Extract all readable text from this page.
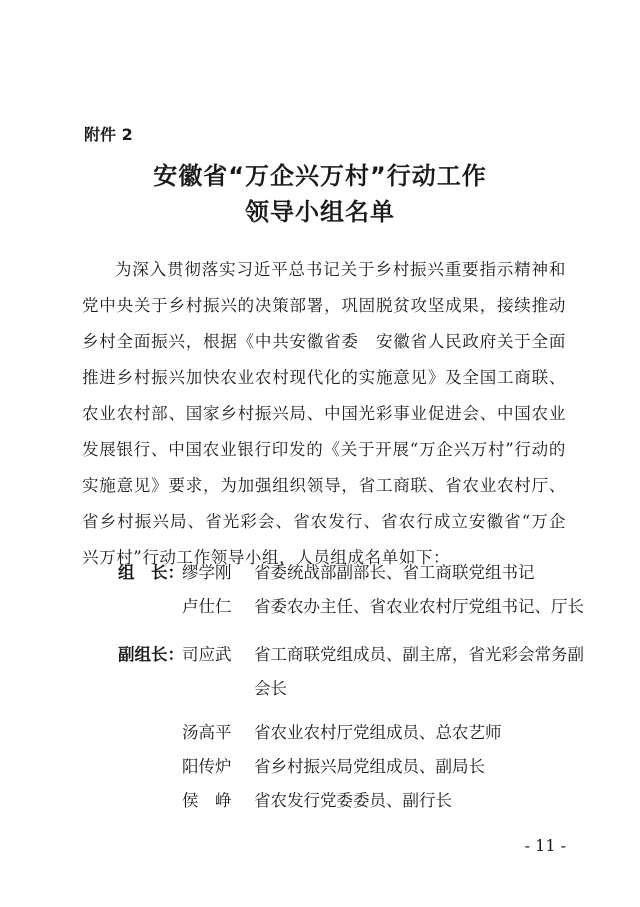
附件 2
安徽省“万企兴万村”行动工作
领导小组名单

为深入贯彻落实习近平总书记关于乡村振兴重要指示精神和党中央关于乡村振兴的决策部署，巩固脱贫攻坚成果，接续推动乡村全面振兴，根据《中共安徽省委　安徽省人民政府关于全面推进乡村振兴加快农业农村现代化的实施意见》及全国工商联、农业农村部、国家乡村振兴局、中国光彩事业促进会、中国农业发展银行、中国农业银行印发的《关于开展“万企兴万村”行动的实施意见》要求，为加强组织领导，省工商联、省农业农村厅、省乡村振兴局、省光彩会、省农发行、省农行成立安徽省“万企兴万村”行动工作领导小组，人员组成名单如下：

组　长：
缪学刚	省委统战部副部长、省工商联党组书记
卢仕仁	省委农办主任、省农业农村厅党组书记、厅长
副组长：
司应武	省工商联党组成员、副主席，省光彩会常务副会长
汤高平	省农业农村厅党组成员、总农艺师
阳传炉	省乡村振兴局党组成员、副局长
侯　峥	省农发行党委委员、副行长
- 11 -
